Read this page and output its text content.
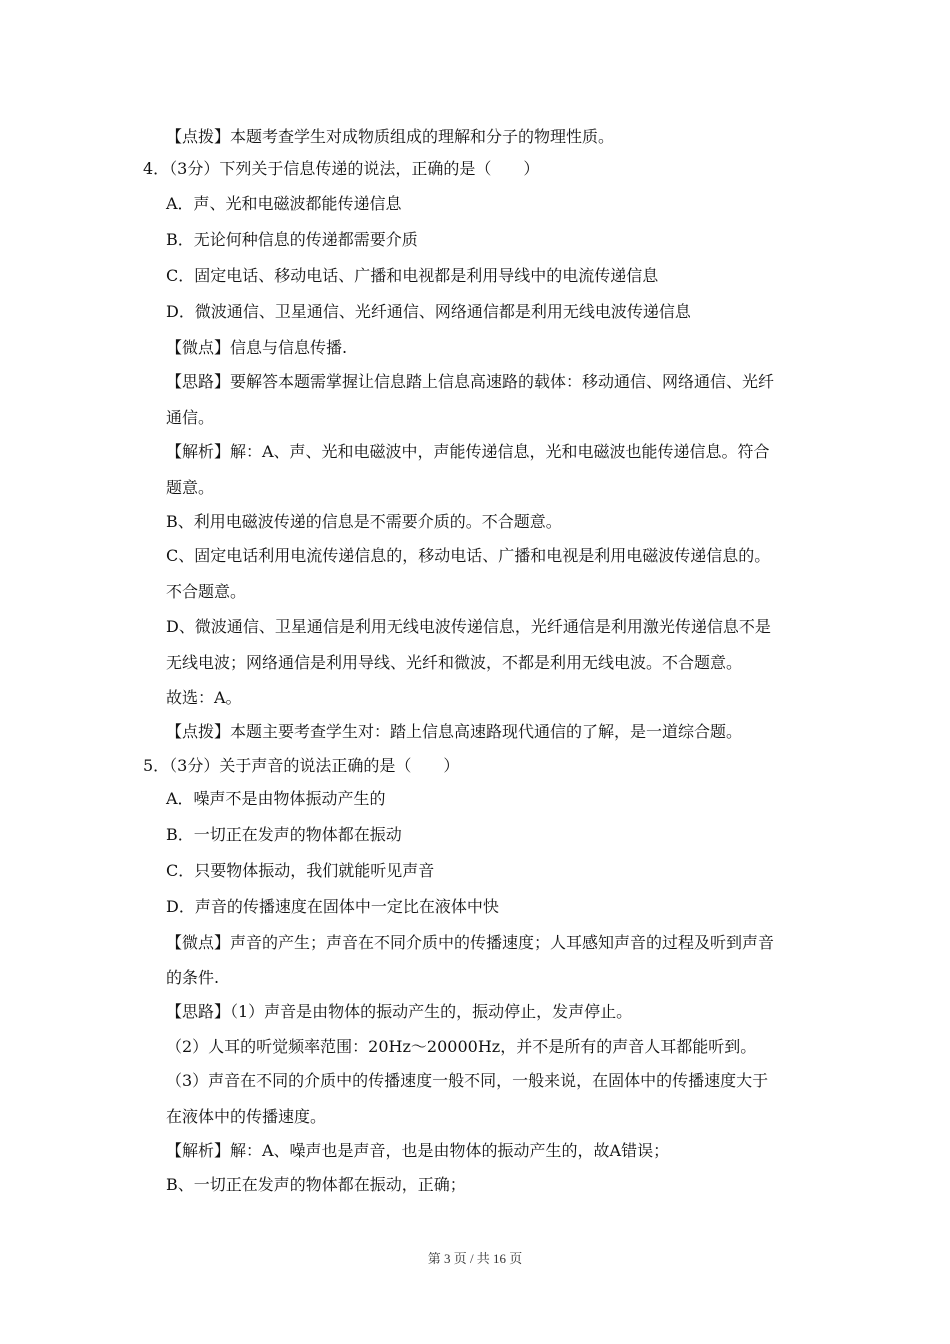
【点拨】本题考查学生对成物质组成的理解和分子的物理性质。

4．（3分）下列关于信息传递的说法，正确的是（　　）

A．声、光和电磁波都能传递信息

B．无论何种信息的传递都需要介质

C．固定电话、移动电话、广播和电视都是利用导线中的电流传递信息

D．微波通信、卫星通信、光纤通信、网络通信都是利用无线电波传递信息

【微点】信息与信息传播.

【思路】要解答本题需掌握让信息踏上信息高速路的载体：移动通信、网络通信、光纤

通信。

【解析】解：A、声、光和电磁波中，声能传递信息，光和电磁波也能传递信息。符合

题意。

B、利用电磁波传递的信息是不需要介质的。不合题意。

C、固定电话利用电流传递信息的，移动电话、广播和电视是利用电磁波传递信息的。

不合题意。

D、微波通信、卫星通信是利用无线电波传递信息，光纤通信是利用激光传递信息不是

无线电波；网络通信是利用导线、光纤和微波，不都是利用无线电波。不合题意。

故选：A。

【点拨】本题主要考查学生对：踏上信息高速路现代通信的了解，是一道综合题。

5．（3分）关于声音的说法正确的是（　　）

A．噪声不是由物体振动产生的

B．一切正在发声的物体都在振动

C．只要物体振动，我们就能听见声音

D．声音的传播速度在固体中一定比在液体中快

【微点】声音的产生；声音在不同介质中的传播速度；人耳感知声音的过程及听到声音

的条件.

【思路】（1）声音是由物体的振动产生的，振动停止，发声停止。

（2）人耳的听觉频率范围：20Hz～20000Hz，并不是所有的声音人耳都能听到。

（3）声音在不同的介质中的传播速度一般不同，一般来说，在固体中的传播速度大于

在液体中的传播速度。

【解析】解：A、噪声也是声音，也是由物体的振动产生的，故A错误；

B、一切正在发声的物体都在振动，正确；

第 3 页 / 共 16 页
